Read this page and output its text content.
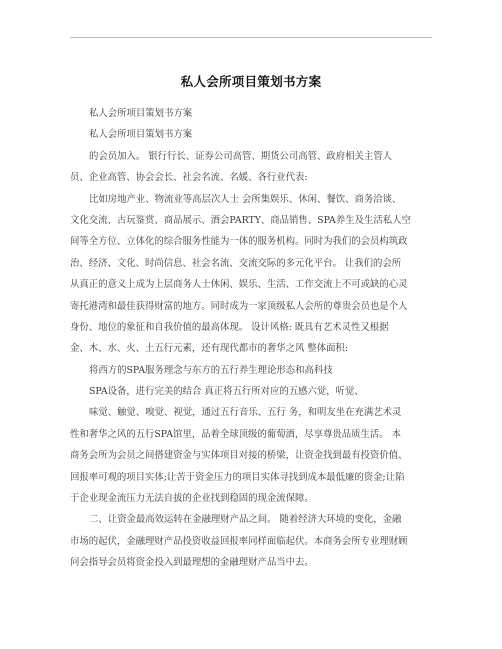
私人会所项目策划书方案
私人会所项目策划书方案
私人会所项目策划书方案
的会员加入。 银行行长、证券公司高管、期货公司高管、政府相关主管人
员、企业高管、协会会长、社会名流、名媛、各行业代表:
比如房地产业、物流业等高层次人士 会所集娱乐、休闲、餐饮、商务洽谈、
文化交流、古玩鉴赏、商品展示、酒会PARTY、商品销售、SPA养生及生活私人空
间等全方位、立体化的综合服务性能为一体的服务机构。同时为我们的会员构筑政
治、经济、文化、时尚信息、社会名流、交流交际的多元化平台。 让我们的会所
从真正的意义上成为上层商务人士休闲、娱乐、生活、工作交流上不可或缺的心灵
寄托港湾和最佳获得财富的地方。同时成为一家顶级私人会所的尊贵会员也是个人
身份、地位的象征和自我价值的最高体现。 设计风格: 既具有艺术灵性又根据
金、木、水、火、土五行元素，还有现代都市的奢华之风 整体面积:
将西方的SPA服务理念与东方的五行养生理论形态和高科技
SPA设备，进行完美的结合 真正将五行所对应的五感六觉，听觉、
味觉、触觉、嗅觉、视觉，通过五行音乐、五行 务，和明友坐在充满艺术灵
性和奢华之风的五行SPA馆里，品着全球顶级的葡萄酒，尽享尊贵品质生活。 本
商务会所为会员之间搭建资金与实体项目对接的桥梁，让资金找到最有投资价值、
回报率可观的项目实体;让苦于资金压力的项目实体寻找到成本最低廉的资金;让陷
于企业现金流压力无法自拔的企业找到稳固的现金流保障。
二、让资金最高效运转在金融理财产品之间。 随着经济大环境的变化，金融
市场的起伏，金融理财产品投资收益回报率同样面临起伏。本商务会所专业理财顾
问会指导会员将资金投入到最理想的金融理财产品当中去。
